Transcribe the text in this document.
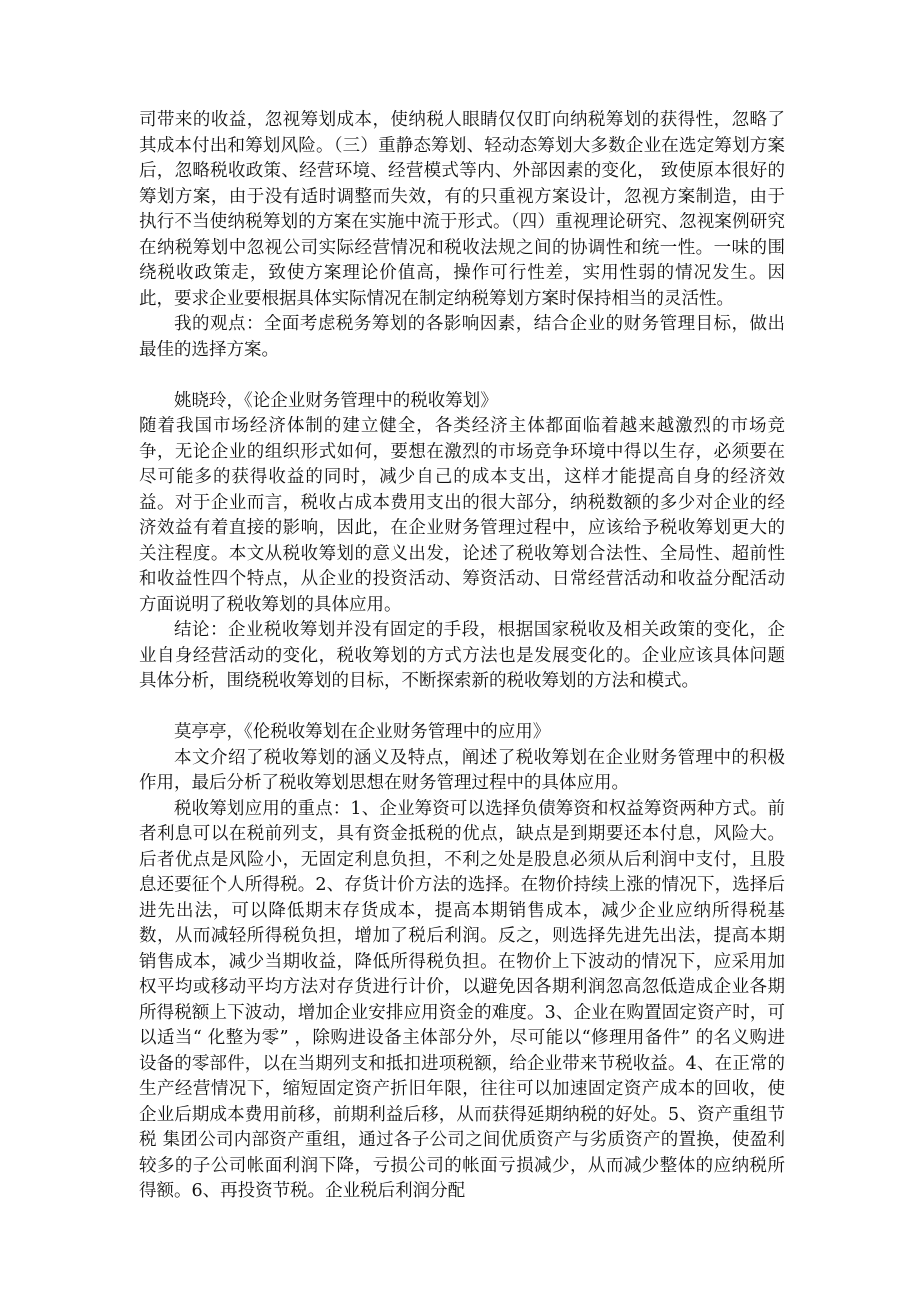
司带来的收益，忽视筹划成本，使纳税人眼睛仅仅盯向纳税筹划的获得性，忽略了其成本付出和筹划风险。（三）重静态筹划、轻动态筹划大多数企业在选定筹划方案后，忽略税收政策、经营环境、经营模式等内、外部因素的变化， 致使原本很好的筹划方案，由于没有适时调整而失效，有的只重视方案设计，忽视方案制造，由于执行不当使纳税筹划的方案在实施中流于形式。（四）重视理论研究、忽视案例研究在纳税筹划中忽视公司实际经营情况和税收法规之间的协调性和统一性。一味的围绕税收政策走，致使方案理论价值高，操作可行性差，实用性弱的情况发生。因此，要求企业要根据具体实际情况在制定纳税筹划方案时保持相当的灵活性。

我的观点：全面考虑税务筹划的各影响因素，结合企业的财务管理目标，做出最佳的选择方案。

姚晓玲，《论企业财务管理中的税收筹划》

随着我国市场经济体制的建立健全，各类经济主体都面临着越来越激烈的市场竞争，无论企业的组织形式如何，要想在激烈的市场竞争环境中得以生存，必须要在尽可能多的获得收益的同时，减少自己的成本支出，这样才能提高自身的经济效益。对于企业而言，税收占成本费用支出的很大部分，纳税数额的多少对企业的经济效益有着直接的影响，因此，在企业财务管理过程中，应该给予税收筹划更大的关注程度。本文从税收筹划的意义出发，论述了税收筹划合法性、全局性、超前性和收益性四个特点，从企业的投资活动、筹资活动、日常经营活动和收益分配活动方面说明了税收筹划的具体应用。

结论：企业税收筹划并没有固定的手段，根据国家税收及相关政策的变化，企业自身经营活动的变化，税收筹划的方式方法也是发展变化的。企业应该具体问题具体分析，围绕税收筹划的目标，不断探索新的税收筹划的方法和模式。

莫亭亭，《伦税收筹划在企业财务管理中的应用》

本文介绍了税收筹划的涵义及特点，阐述了税收筹划在企业财务管理中的积极作用，最后分析了税收筹划思想在财务管理过程中的具体应用。

税收筹划应用的重点：1、企业筹资可以选择负债筹资和权益筹资两种方式。前者利息可以在税前列支，具有资金抵税的优点，缺点是到期要还本付息，风险大。后者优点是风险小，无固定利息负担，不利之处是股息必须从后利润中支付，且股息还要征个人所得税。2、存货计价方法的选择。在物价持续上涨的情况下，选择后进先出法，可以降低期末存货成本，提高本期销售成本，减少企业应纳所得税基数，从而减轻所得税负担，增加了税后利润。反之，则选择先进先出法，提高本期销售成本，减少当期收益，降低所得税负担。在物价上下波动的情况下，应采用加权平均或移动平均方法对存货进行计价，以避免因各期利润忽高忽低造成企业各期所得税额上下波动，增加企业安排应用资金的难度。3、企业在购置固定资产时，可以适当“ 化整为零” ，除购进设备主体部分外，尽可能以“修理用备件” 的名义购进设备的零部件，以在当期列支和抵扣进项税额，给企业带来节税收益。4、在正常的生产经营情况下，缩短固定资产折旧年限，往往可以加速固定资产成本的回收，使企业后期成本费用前移，前期利益后移，从而获得延期纳税的好处。5、资产重组节税 集团公司内部资产重组，通过各子公司之间优质资产与劣质资产的置换，使盈利较多的子公司帐面利润下降，亏损公司的帐面亏损减少，从而减少整体的应纳税所得额。6、再投资节税。企业税后利润分配
